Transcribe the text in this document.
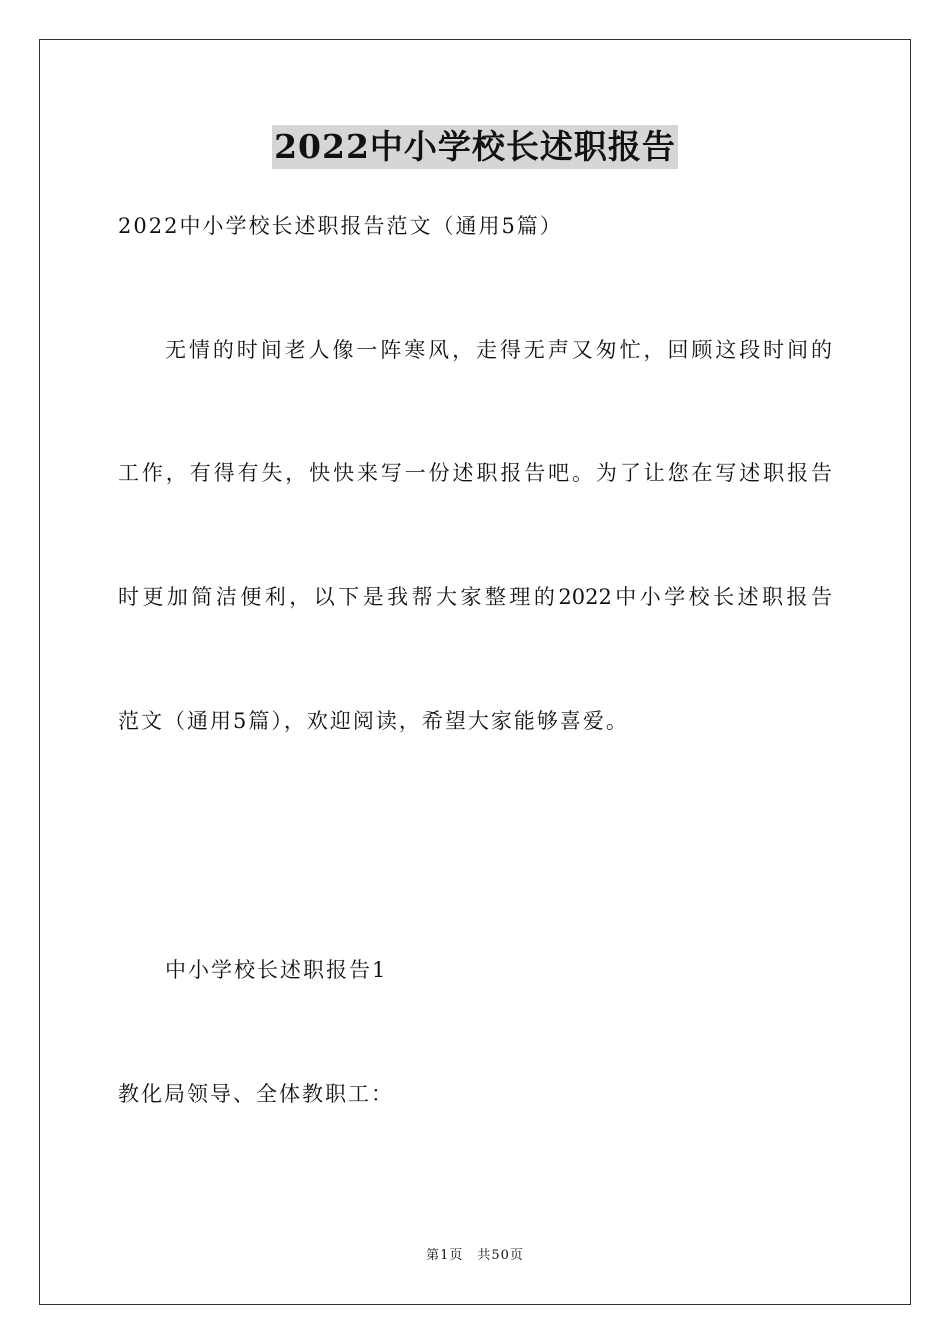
2022中小学校长述职报告
2022中小学校长述职报告范文（通用5篇）
无情的时间老人像一阵寒风，走得无声又匆忙，回顾这段时间的
工作，有得有失，快快来写一份述职报告吧。为了让您在写述职报告
时更加简洁便利，以下是我帮大家整理的2022中小学校长述职报告
范文（通用5篇），欢迎阅读，希望大家能够喜爱。
中小学校长述职报告1
教化局领导、全体教职工：
第1页 共50页
